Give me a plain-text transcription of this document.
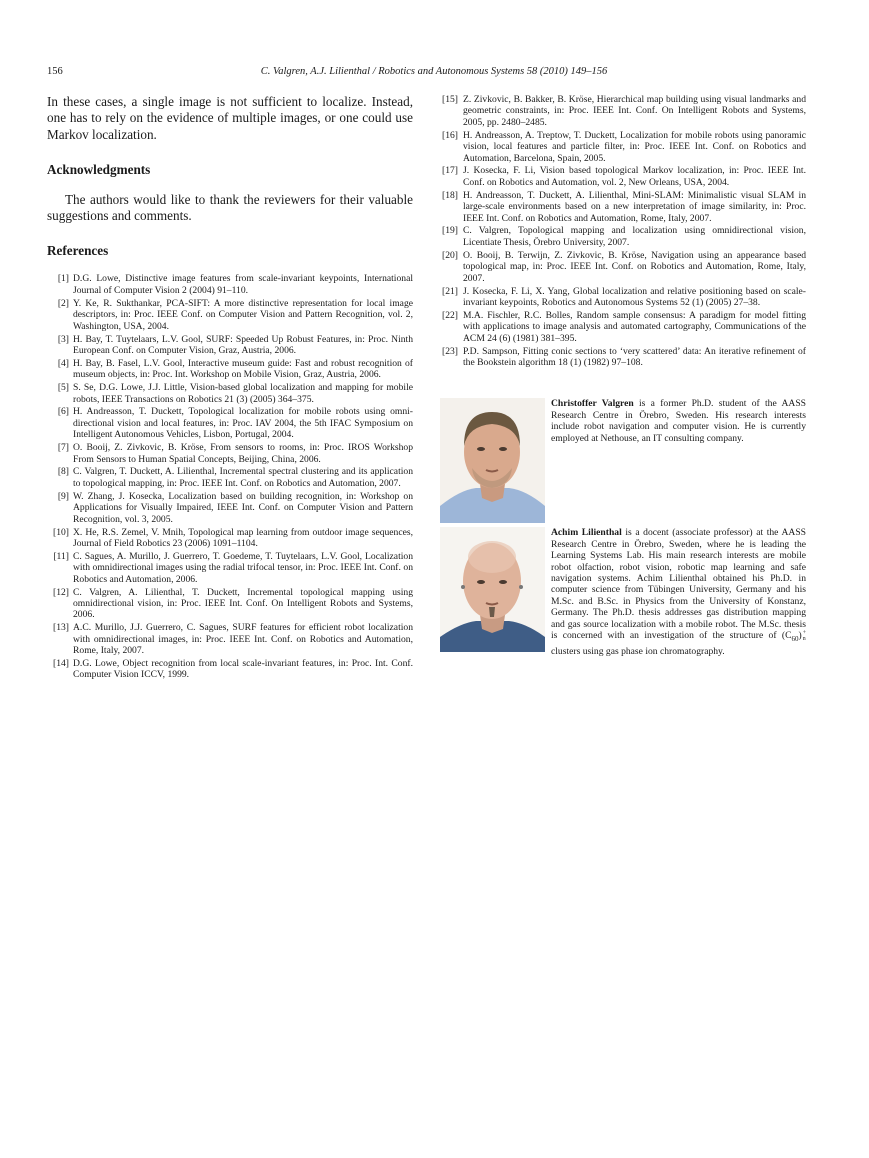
156	C. Valgren, A.J. Lilienthal / Robotics and Autonomous Systems 58 (2010) 149–156

In these cases, a single image is not sufficient to localize. Instead, one has to rely on the evidence of multiple images, or one could use Markov localization.

Acknowledgments

The authors would like to thank the reviewers for their valuable suggestions and comments.

References
[1] D.G. Lowe, Distinctive image features from scale-invariant keypoints, International Journal of Computer Vision 2 (2004) 91–110.
[2] Y. Ke, R. Sukthankar, PCA-SIFT: A more distinctive representation for local image descriptors, in: Proc. IEEE Conf. on Computer Vision and Pattern Recognition, vol. 2, Washington, USA, 2004.
[3] H. Bay, T. Tuytelaars, L.V. Gool, SURF: Speeded Up Robust Features, in: Proc. Ninth European Conf. on Computer Vision, Graz, Austria, 2006.
[4] H. Bay, B. Fasel, L.V. Gool, Interactive museum guide: Fast and robust recognition of museum objects, in: Proc. Int. Workshop on Mobile Vision, Graz, Austria, 2006.
[5] S. Se, D.G. Lowe, J.J. Little, Vision-based global localization and mapping for mobile robots, IEEE Transactions on Robotics 21 (3) (2005) 364–375.
[6] H. Andreasson, T. Duckett, Topological localization for mobile robots using omni-directional vision and local features, in: Proc. IAV 2004, the 5th IFAC Symposium on Intelligent Autonomous Vehicles, Lisbon, Portugal, 2004.
[7] O. Booij, Z. Zivkovic, B. Kröse, From sensors to rooms, in: Proc. IROS Workshop From Sensors to Human Spatial Concepts, Beijing, China, 2006.
[8] C. Valgren, T. Duckett, A. Lilienthal, Incremental spectral clustering and its application to topological mapping, in: Proc. IEEE Int. Conf. on Robotics and Automation, 2007.
[9] W. Zhang, J. Kosecka, Localization based on building recognition, in: Workshop on Applications for Visually Impaired, IEEE Int. Conf. on Computer Vision and Pattern Recognition, vol. 3, 2005.
[10] X. He, R.S. Zemel, V. Mnih, Topological map learning from outdoor image sequences, Journal of Field Robotics 23 (2006) 1091–1104.
[11] C. Sagues, A. Murillo, J. Guerrero, T. Goedeme, T. Tuytelaars, L.V. Gool, Localization with omnidirectional images using the radial trifocal tensor, in: Proc. IEEE Int. Conf. on Robotics and Automation, 2006.
[12] C. Valgren, A. Lilienthal, T. Duckett, Incremental topological mapping using omnidirectional vision, in: Proc. IEEE Int. Conf. On Intelligent Robots and Systems, 2006.
[13] A.C. Murillo, J.J. Guerrero, C. Sagues, SURF features for efficient robot localization with omnidirectional images, in: Proc. IEEE Int. Conf. on Robotics and Automation, Rome, Italy, 2007.
[14] D.G. Lowe, Object recognition from local scale-invariant features, in: Proc. Int. Conf. Computer Vision ICCV, 1999.
[15] Z. Zivkovic, B. Bakker, B. Kröse, Hierarchical map building using visual landmarks and geometric constraints, in: Proc. IEEE Int. Conf. On Intelligent Robots and Systems, 2005, pp. 2480–2485.
[16] H. Andreasson, A. Treptow, T. Duckett, Localization for mobile robots using panoramic vision, local features and particle filter, in: Proc. IEEE Int. Conf. on Robotics and Automation, Barcelona, Spain, 2005.
[17] J. Kosecka, F. Li, Vision based topological Markov localization, in: Proc. IEEE Int. Conf. on Robotics and Automation, vol. 2, New Orleans, USA, 2004.
[18] H. Andreasson, T. Duckett, A. Lilienthal, Mini-SLAM: Minimalistic visual SLAM in large-scale environments based on a new interpretation of image similarity, in: Proc. IEEE Int. Conf. on Robotics and Automation, Rome, Italy, 2007.
[19] C. Valgren, Topological mapping and localization using omnidirectional vision, Licentiate Thesis, Örebro University, 2007.
[20] O. Booij, B. Terwijn, Z. Zivkovic, B. Kröse, Navigation using an appearance based topological map, in: Proc. IEEE Int. Conf. on Robotics and Automation, Rome, Italy, 2007.
[21] J. Kosecka, F. Li, X. Yang, Global localization and relative positioning based on scale-invariant keypoints, Robotics and Autonomous Systems 52 (1) (2005) 27–38.
[22] M.A. Fischler, R.C. Bolles, Random sample consensus: A paradigm for model fitting with applications to image analysis and automated cartography, Communications of the ACM 24 (6) (1981) 381–395.
[23] P.D. Sampson, Fitting conic sections to ‘very scattered’ data: An iterative refinement of the Bookstein algorithm 18 (1) (1982) 97–108.
Christoffer Valgren is a former Ph.D. student of the AASS Research Centre in Örebro, Sweden. His research interests include robot navigation and computer vision. He is currently employed at Nethouse, an IT consulting company.
Achim Lilienthal is a docent (associate professor) at the AASS Research Centre in Örebro, Sweden, where he is leading the Learning Systems Lab. His main research interests are mobile robot olfaction, robot vision, robotic map learning and safe navigation systems. Achim Lilienthal obtained his Ph.D. in computer science from Tübingen University, Germany and his M.Sc. and B.Sc. in Physics from the University of Konstanz, Germany. The Ph.D. thesis addresses gas distribution mapping and gas source localization with a mobile robot. The M.Sc. thesis is concerned with an investigation of the structure of $(C_{60})$ +
n
clusters using gas phase ion chromatography.
